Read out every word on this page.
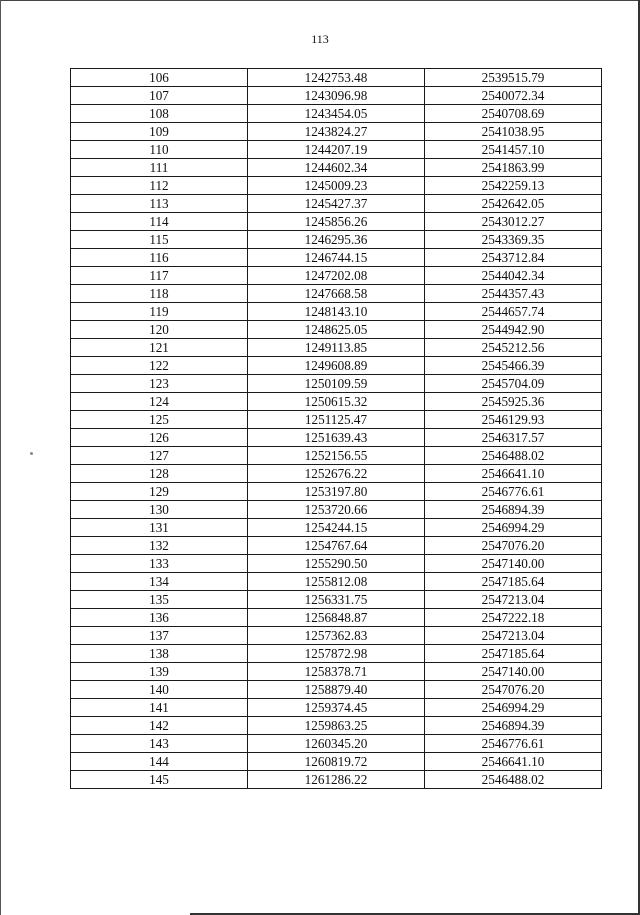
113
106	1242753.48	2539515.79
107	1243096.98	2540072.34
108	1243454.05	2540708.69
109	1243824.27	2541038.95
110	1244207.19	2541457.10
111	1244602.34	2541863.99
112	1245009.23	2542259.13
113	1245427.37	2542642.05
114	1245856.26	2543012.27
115	1246295.36	2543369.35
116	1246744.15	2543712.84
117	1247202.08	2544042.34
118	1247668.58	2544357.43
119	1248143.10	2544657.74
120	1248625.05	2544942.90
121	1249113.85	2545212.56
122	1249608.89	2545466.39
123	1250109.59	2545704.09
124	1250615.32	2545925.36
125	1251125.47	2546129.93
126	1251639.43	2546317.57
127	1252156.55	2546488.02
128	1252676.22	2546641.10
129	1253197.80	2546776.61
130	1253720.66	2546894.39
131	1254244.15	2546994.29
132	1254767.64	2547076.20
133	1255290.50	2547140.00
134	1255812.08	2547185.64
135	1256331.75	2547213.04
136	1256848.87	2547222.18
137	1257362.83	2547213.04
138	1257872.98	2547185.64
139	1258378.71	2547140.00
140	1258879.40	2547076.20
141	1259374.45	2546994.29
142	1259863.25	2546894.39
143	1260345.20	2546776.61
144	1260819.72	2546641.10
145	1261286.22	2546488.02
